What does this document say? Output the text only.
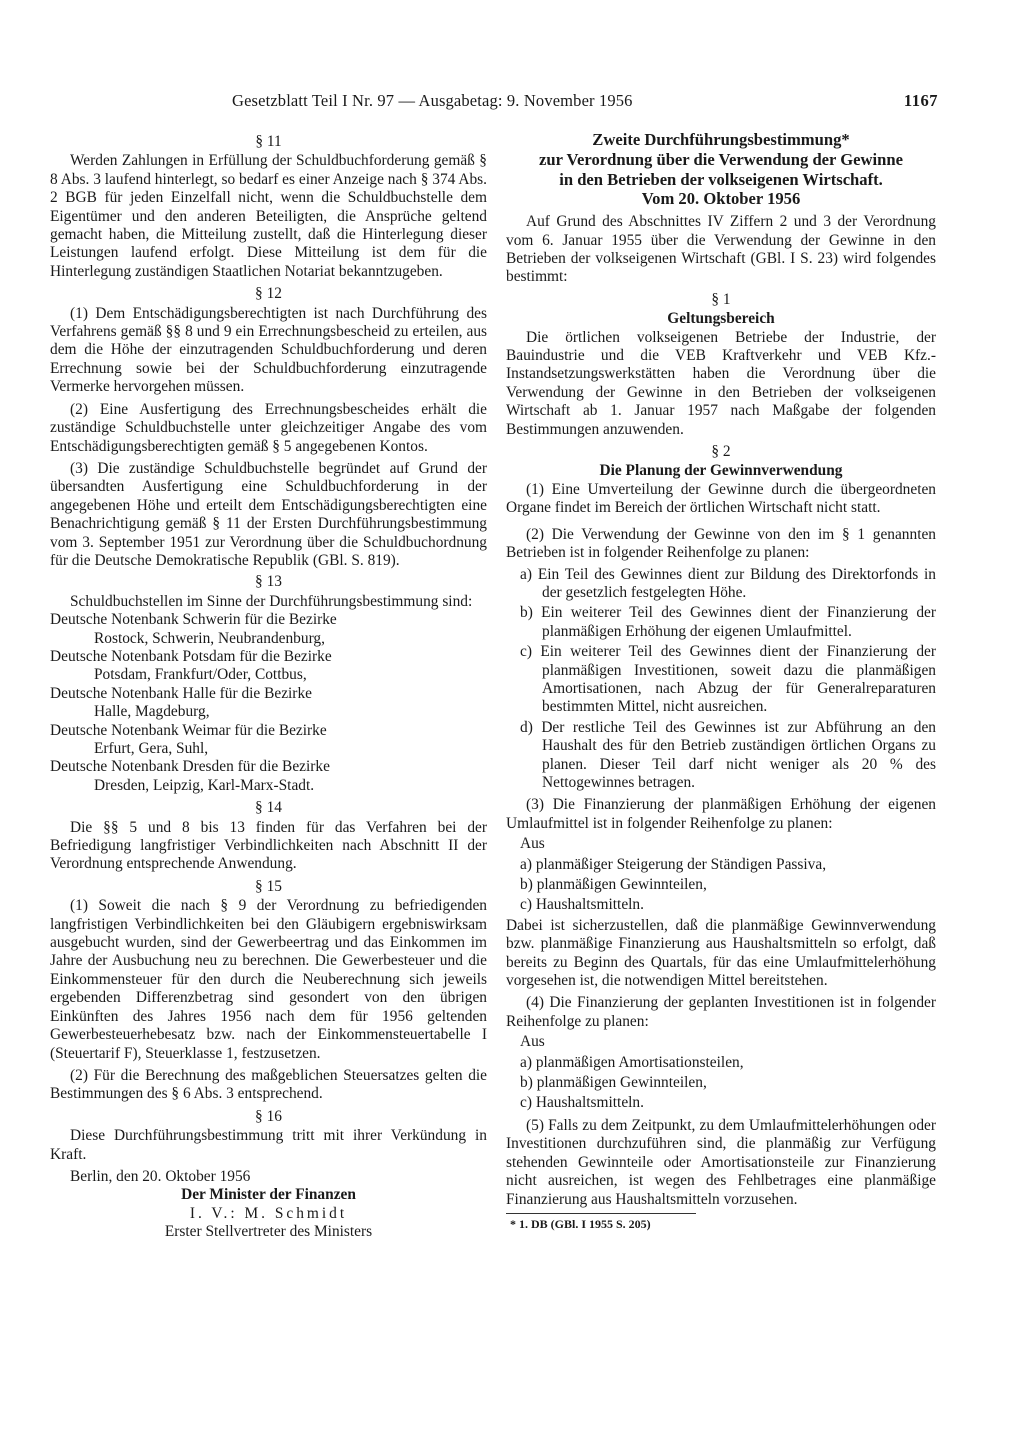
Gesetzblatt Teil I Nr. 97 — Ausgabetag: 9. November 1956	1167
§ 11

Werden Zahlungen in Erfüllung der Schuldbuchforderung gemäß § 8 Abs. 3 laufend hinterlegt, so bedarf es einer Anzeige nach § 374 Abs. 2 BGB für jeden Einzelfall nicht, wenn die Schuldbuchstelle dem Eigentümer und den anderen Beteiligten, die Ansprüche geltend gemacht haben, die Mitteilung zustellt, daß die Hinterlegung dieser Leistungen laufend erfolgt. Diese Mitteilung ist dem für die Hinterlegung zuständigen Staatlichen Notariat bekanntzugeben.

§ 12

(1) Dem Entschädigungsberechtigten ist nach Durchführung des Verfahrens gemäß §§ 8 und 9 ein Errechnungsbescheid zu erteilen, aus dem die Höhe der einzutragenden Schuldbuchforderung und deren Errechnung sowie bei der Schuldbuchforderung einzutragende Vermerke hervorgehen müssen.

(2) Eine Ausfertigung des Errechnungsbescheides erhält die zuständige Schuldbuchstelle unter gleichzeitiger Angabe des vom Entschädigungsberechtigten gemäß § 5 angegebenen Kontos.

(3) Die zuständige Schuldbuchstelle begründet auf Grund der übersandten Ausfertigung eine Schuldbuchforderung in der angegebenen Höhe und erteilt dem Entschädigungsberechtigten eine Benachrichtigung gemäß § 11 der Ersten Durchführungsbestimmung vom 3. September 1951 zur Verordnung über die Schuldbuchordnung für die Deutsche Demokratische Republik (GBl. S. 819).

§ 13

Schuldbuchstellen im Sinne der Durchführungsbestimmung sind:

Deutsche Notenbank Schwerin für die Bezirke
Rostock, Schwerin, Neubrandenburg,

Deutsche Notenbank Potsdam für die Bezirke
Potsdam, Frankfurt/Oder, Cottbus,

Deutsche Notenbank Halle für die Bezirke
Halle, Magdeburg,

Deutsche Notenbank Weimar für die Bezirke
Erfurt, Gera, Suhl,

Deutsche Notenbank Dresden für die Bezirke
Dresden, Leipzig, Karl-Marx-Stadt.

§ 14

Die §§ 5 und 8 bis 13 finden für das Verfahren bei der Befriedigung langfristiger Verbindlichkeiten nach Abschnitt II der Verordnung entsprechende Anwendung.

§ 15

(1) Soweit die nach § 9 der Verordnung zu befriedigenden langfristigen Verbindlichkeiten bei den Gläubigern ergebniswirksam ausgebucht wurden, sind der Gewerbeertrag und das Einkommen im Jahre der Ausbuchung neu zu berechnen. Die Gewerbesteuer und die Einkommensteuer für den durch die Neuberechnung sich jeweils ergebenden Differenzbetrag sind gesondert von den übrigen Einkünften des Jahres 1956 nach dem für 1956 geltenden Gewerbesteuerhebesatz bzw. nach der Einkommensteuertabelle I (Steuertarif F), Steuerklasse 1, festzusetzen.

(2) Für die Berechnung des maßgeblichen Steuersatzes gelten die Bestimmungen des § 6 Abs. 3 entsprechend.

§ 16

Diese Durchführungsbestimmung tritt mit ihrer Verkündung in Kraft.

Berlin, den 20. Oktober 1956

Der Minister der Finanzen

I. V.: M. Schmidt

Erster Stellvertreter des Ministers

Zweite Durchführungsbestimmung*

zur Verordnung über die Verwendung der Gewinne

in den Betrieben der volkseigenen Wirtschaft.

Vom 20. Oktober 1956

Auf Grund des Abschnittes IV Ziffern 2 und 3 der Verordnung vom 6. Januar 1955 über die Verwendung der Gewinne in den Betrieben der volkseigenen Wirtschaft (GBl. I S. 23) wird folgendes bestimmt:

§ 1
Geltungsbereich

Die örtlichen volkseigenen Betriebe der Industrie, der Bauindustrie und die VEB Kraftverkehr und VEB Kfz.-Instandsetzungswerkstätten haben die Verordnung über die Verwendung der Gewinne in den Betrieben der volkseigenen Wirtschaft ab 1. Januar 1957 nach Maßgabe der folgenden Bestimmungen anzuwenden.

§ 2
Die Planung der Gewinnverwendung

(1) Eine Umverteilung der Gewinne durch die übergeordneten Organe findet im Bereich der örtlichen Wirtschaft nicht statt.

(2) Die Verwendung der Gewinne von den im § 1 genannten Betrieben ist in folgender Reihenfolge zu planen:

a) Ein Teil des Gewinnes dient zur Bildung des Direktorfonds in der gesetzlich festgelegten Höhe.

b) Ein weiterer Teil des Gewinnes dient der Finanzierung der planmäßigen Erhöhung der eigenen Umlaufmittel.

c) Ein weiterer Teil des Gewinnes dient der Finanzierung der planmäßigen Investitionen, soweit dazu die planmäßigen Amortisationen, nach Abzug der für Generalreparaturen bestimmten Mittel, nicht ausreichen.

d) Der restliche Teil des Gewinnes ist zur Abführung an den Haushalt des für den Betrieb zuständigen örtlichen Organs zu planen. Dieser Teil darf nicht weniger als 20 % des Nettogewinnes betragen.

(3) Die Finanzierung der planmäßigen Erhöhung der eigenen Umlaufmittel ist in folgender Reihenfolge zu planen:

Aus

a) planmäßiger Steigerung der Ständigen Passiva,

b) planmäßigen Gewinnteilen,

c) Haushaltsmitteln.

Dabei ist sicherzustellen, daß die planmäßige Gewinnverwendung bzw. planmäßige Finanzierung aus Haushaltsmitteln so erfolgt, daß bereits zu Beginn des Quartals, für das eine Umlaufmittelerhöhung vorgesehen ist, die notwendigen Mittel bereitstehen.

(4) Die Finanzierung der geplanten Investitionen ist in folgender Reihenfolge zu planen:

Aus

a) planmäßigen Amortisationsteilen,

b) planmäßigen Gewinnteilen,

c) Haushaltsmitteln.

(5) Falls zu dem Zeitpunkt, zu dem Umlaufmittelerhöhungen oder Investitionen durchzuführen sind, die planmäßig zur Verfügung stehenden Gewinnteile oder Amortisationsteile zur Finanzierung nicht ausreichen, ist wegen des Fehlbetrages eine planmäßige Finanzierung aus Haushaltsmitteln vorzusehen.

* 1. DB (GBl. I 1955 S. 205)
